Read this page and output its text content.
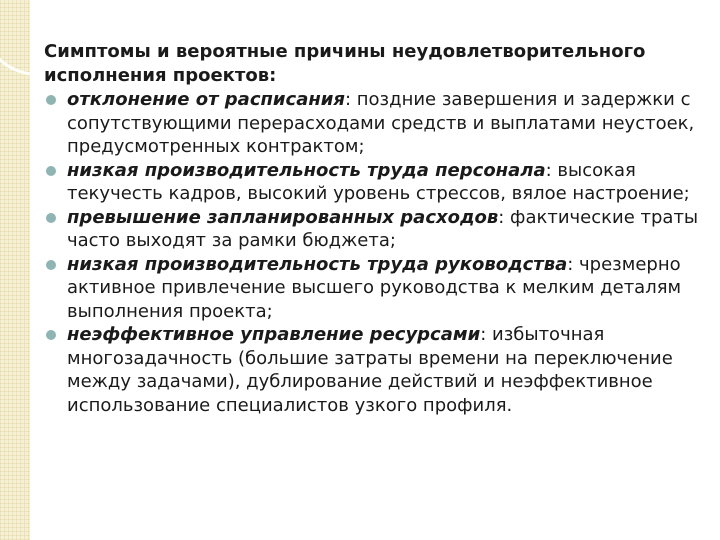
Симптомы и вероятные причины неудовлетворительного исполнения проектов:

отклонение от расписания: поздние завершения и задержки с сопутствующими перерасходами средств и выплатами неустоек, предусмотренных контрактом;
низкая производительность труда персонала: высокая текучесть кадров, высокий уровень стрессов, вялое настроение;
превышение запланированных расходов: фактические траты часто выходят за рамки бюджета;
низкая производительность труда руководства: чрезмерно активное привлечение высшего руководства к мелким деталям выполнения проекта;
неэффективное управление ресурсами: избыточная многозадачность (большие затраты времени на переключение между задачами), дублирование действий и неэффективное использование специалистов узкого профиля.
